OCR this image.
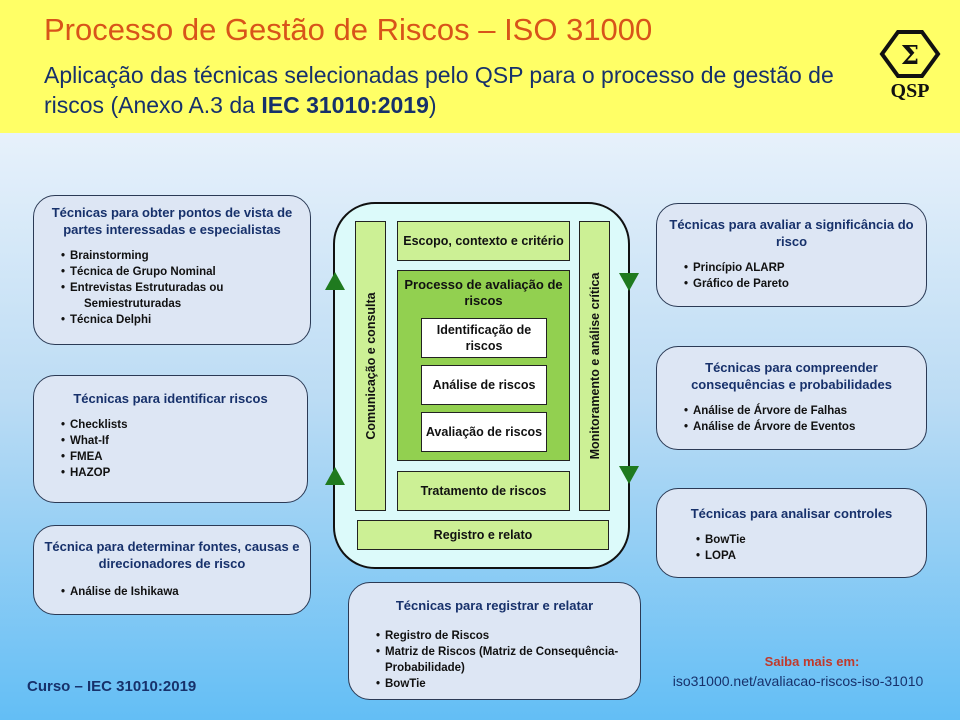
Processo de Gestão de Riscos – ISO 31000
Aplicação das técnicas selecionadas pelo QSP para o processo de gestão de riscos (Anexo A.3 da IEC 31010:2019)
Σ
QSP
Técnicas para obter pontos de vista de partes interessadas e especialistas
• Brainstorming
• Técnica de Grupo Nominal
• Entrevistas Estruturadas ou
Semiestruturadas
• Técnica Delphi
Técnicas para identificar riscos
• Checklists
• What-If
• FMEA
• HAZOP
Técnica para determinar fontes, causas e direcionadores de risco
• Análise de Ishikawa
Técnicas para avaliar a significância do risco
• Princípio ALARP
• Gráfico de Pareto
Técnicas para compreender consequências e probabilidades
• Análise de Árvore de Falhas
• Análise de Árvore de Eventos
Técnicas para analisar controles
• BowTie
• LOPA
Técnicas para registrar e relatar
• Registro de Riscos
• Matriz de Riscos (Matriz de Consequência-Probabilidade)
• BowTie
Comunicação e consulta	Monitoramento e análise crítica
Escopo, contexto e critério
Processo de avaliação de riscos
Identificação de riscos
Análise de riscos
Avaliação de riscos
Tratamento de riscos
Registro e relato
Curso – IEC 31010:2019
Saiba mais em:
iso31000.net/avaliacao-riscos-iso-31010
